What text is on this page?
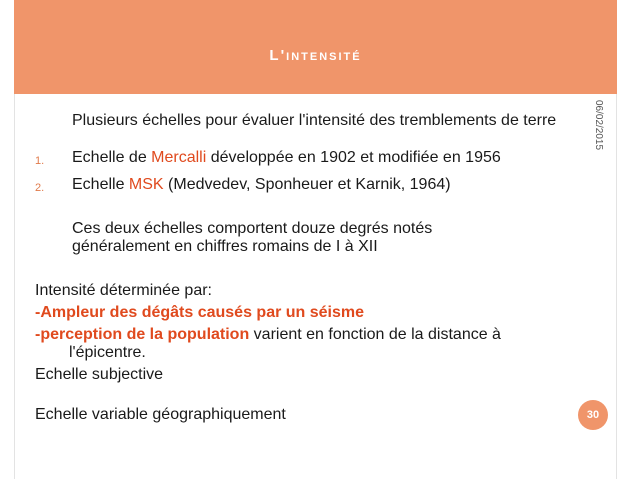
L'intensité
06/02/2015
Plusieurs échelles pour évaluer l'intensité des tremblements de terre
1.	Echelle de Mercalli développée en 1902 et modifiée en 1956
2.	Echelle MSK (Medvedev, Sponheuer et Karnik, 1964)
Ces deux échelles comportent douze degrés notés généralement en chiffres romains de I à XII
Intensité déterminée par:
-Ampleur des dégâts causés par un séisme
-perception de la population varient en fonction de la distance à
l'épicentre.
Echelle subjective
Echelle variable géographiquement	30
